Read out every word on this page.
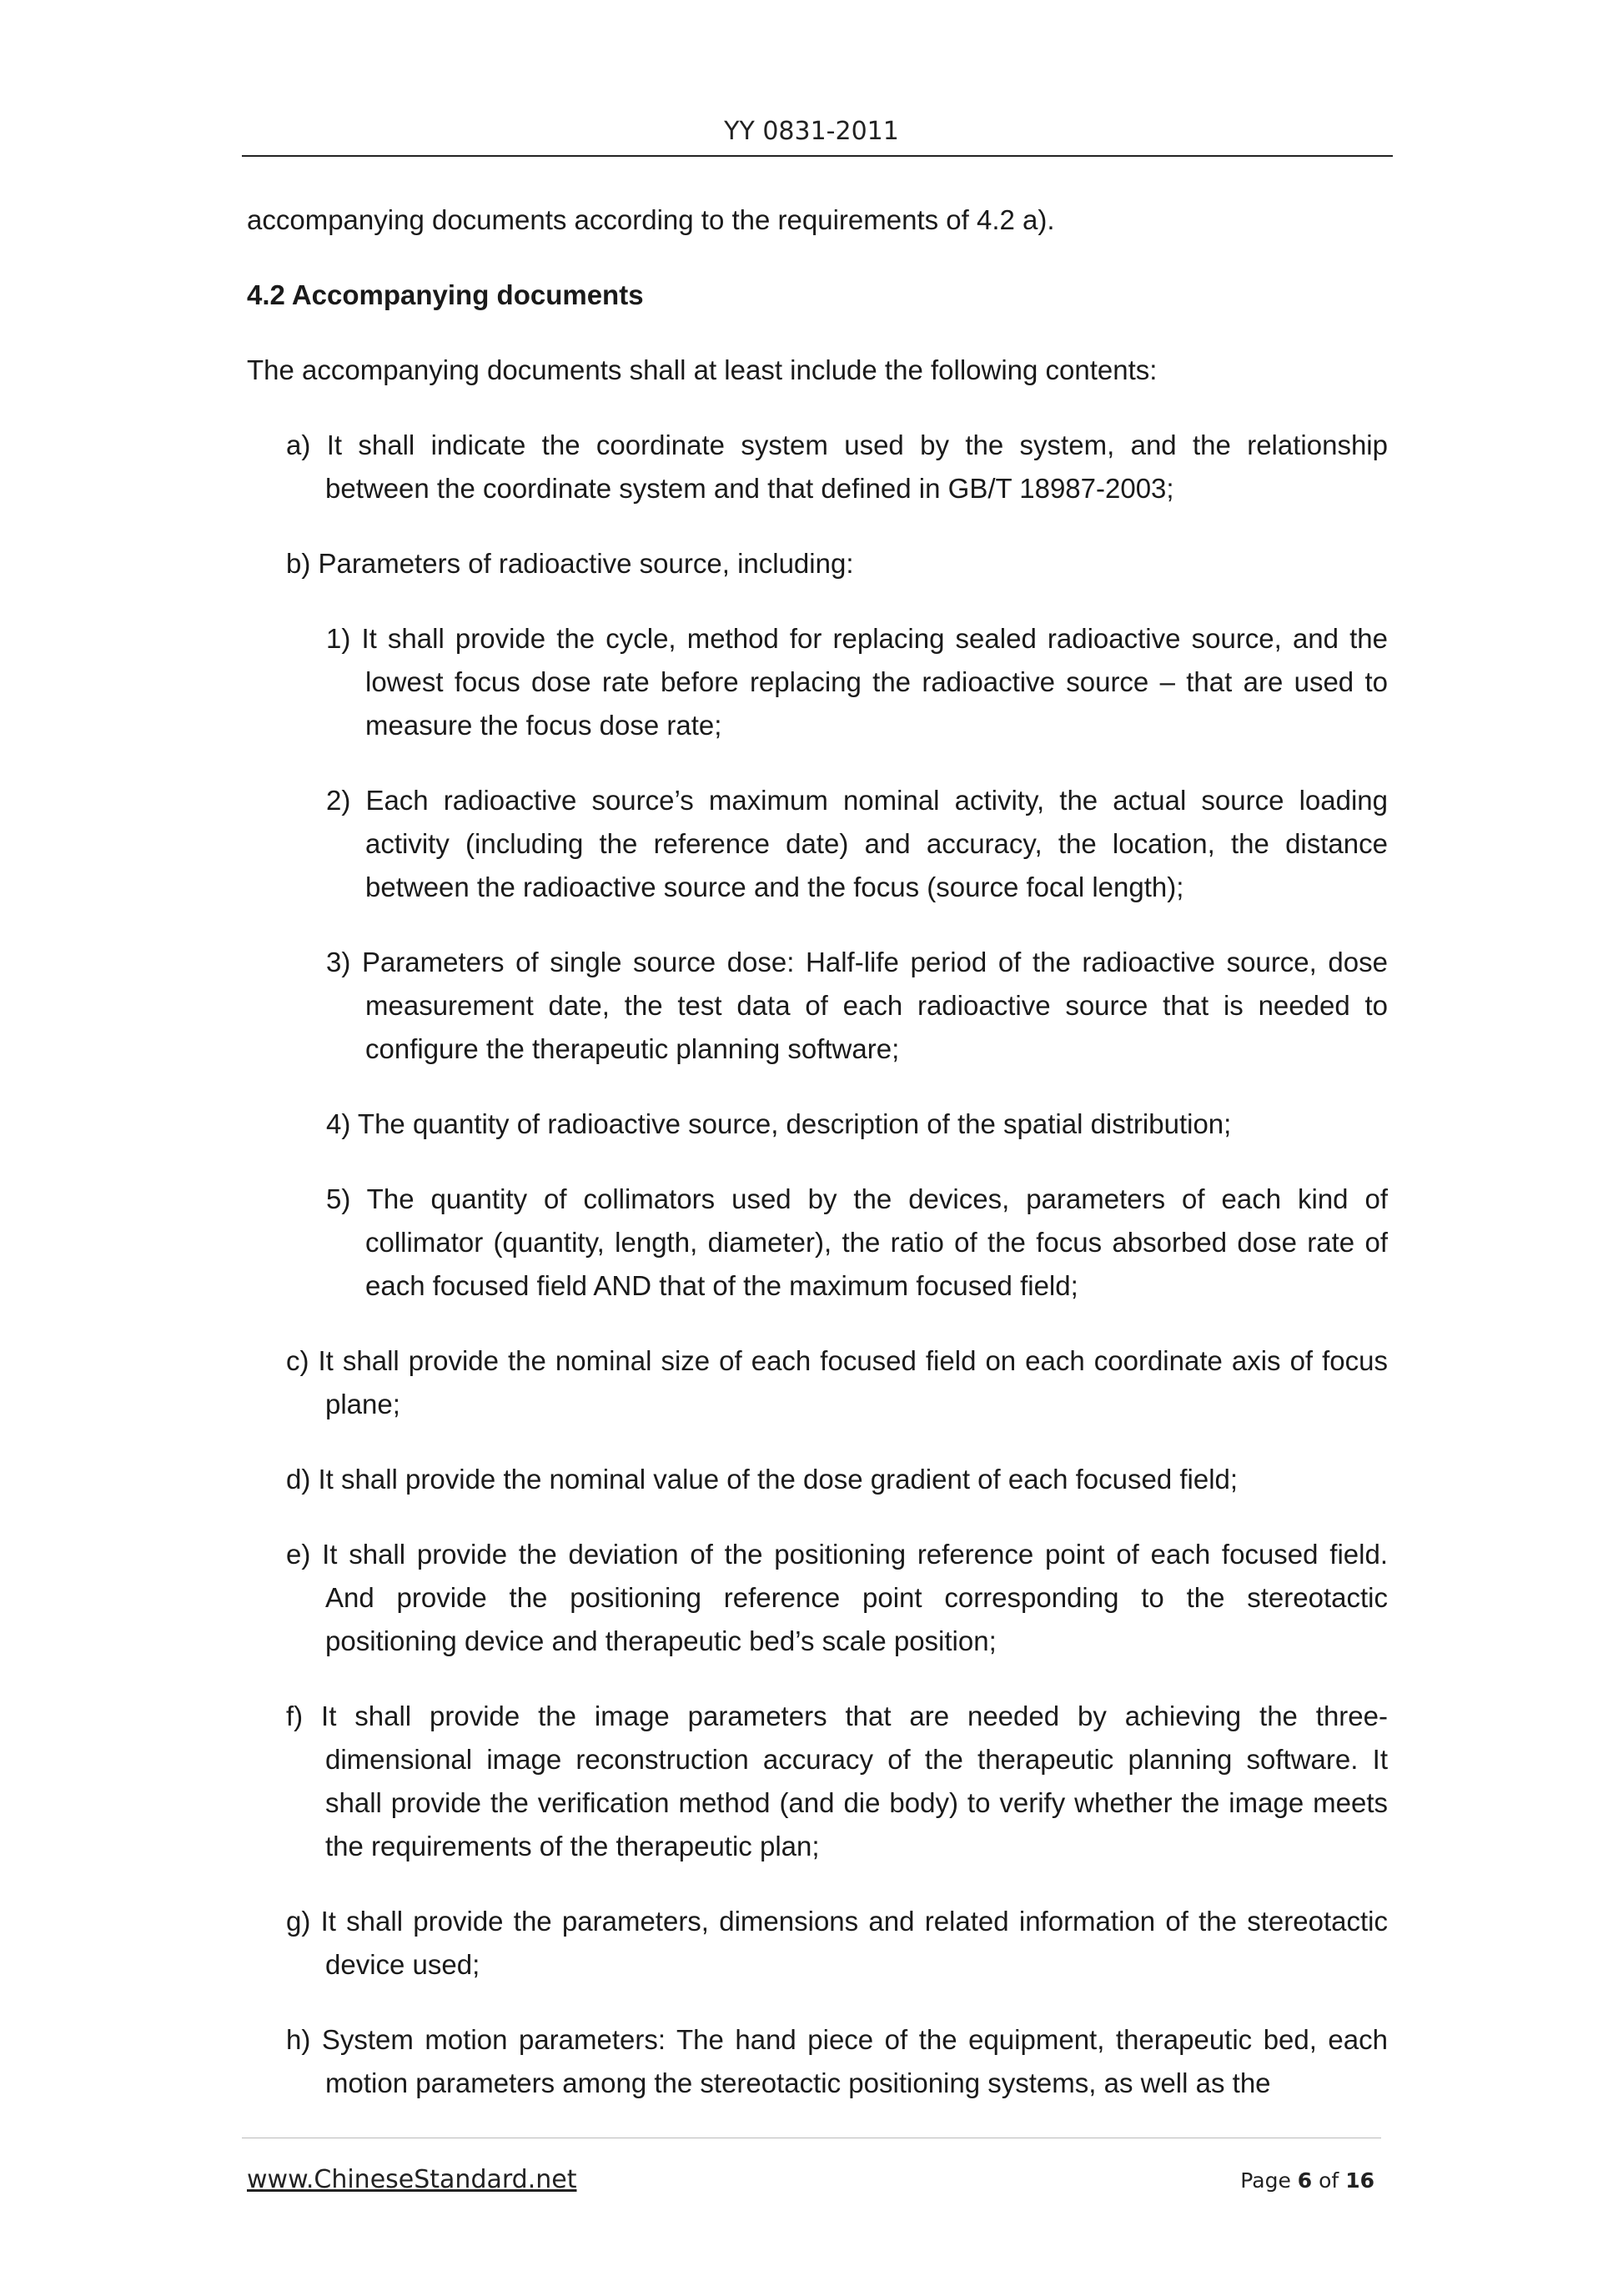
YY 0831-2011

accompanying documents according to the requirements of 4.2 a).

4.2 Accompanying documents

The accompanying documents shall at least include the following contents:

a) It shall indicate the coordinate system used by the system, and the relationship between the coordinate system and that defined in GB/T 18987-2003;

b) Parameters of radioactive source, including:

1) It shall provide the cycle, method for replacing sealed radioactive source, and the lowest focus dose rate before replacing the radioactive source – that are used to measure the focus dose rate;

2) Each radioactive source’s maximum nominal activity, the actual source loading activity (including the reference date) and accuracy, the location, the distance between the radioactive source and the focus (source focal length);

3) Parameters of single source dose: Half-life period of the radioactive source, dose measurement date, the test data of each radioactive source that is needed to configure the therapeutic planning software;

4) The quantity of radioactive source, description of the spatial distribution;

5) The quantity of collimators used by the devices, parameters of each kind of collimator (quantity, length, diameter), the ratio of the focus absorbed dose rate of each focused field AND that of the maximum focused field;

c) It shall provide the nominal size of each focused field on each coordinate axis of focus plane;

d) It shall provide the nominal value of the dose gradient of each focused field;

e) It shall provide the deviation of the positioning reference point of each focused field. And provide the positioning reference point corresponding to the stereotactic positioning device and therapeutic bed’s scale position;

f) It shall provide the image parameters that are needed by achieving the three-dimensional image reconstruction accuracy of the therapeutic planning software. It shall provide the verification method (and die body) to verify whether the image meets the requirements of the therapeutic plan;

g) It shall provide the parameters, dimensions and related information of the stereotactic device used;

h) System motion parameters: The hand piece of the equipment, therapeutic bed, each motion parameters among the stereotactic positioning systems, as well as the

www.ChineseStandard.net	Page 6 of 16
